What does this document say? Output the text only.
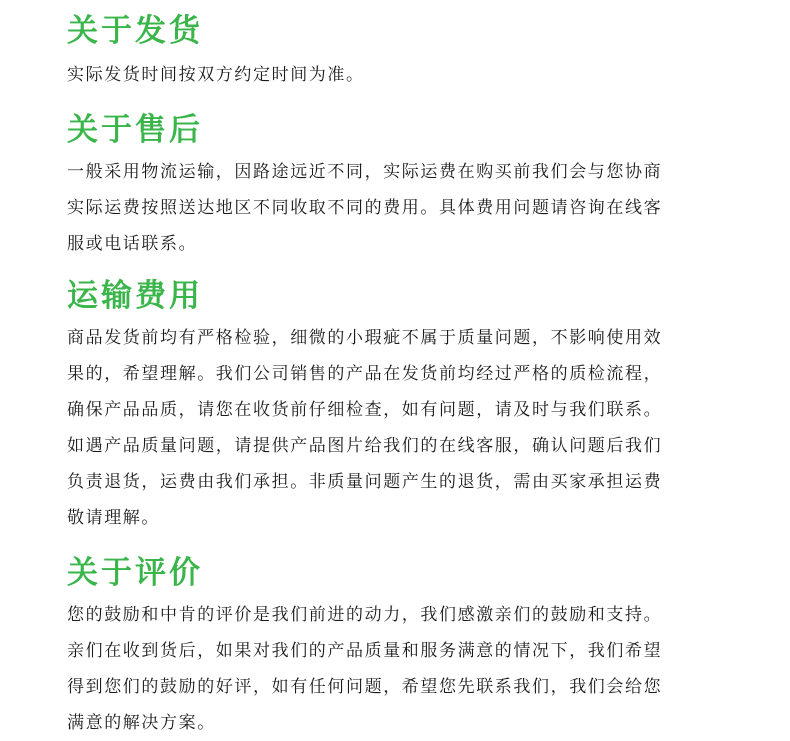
关于发货
实际发货时间按双方约定时间为准。
关于售后
一般采用物流运输，因路途远近不同，实际运费在购买前我们会与您协商
实际运费按照送达地区不同收取不同的费用。具体费用问题请咨询在线客
服或电话联系。
运输费用
商品发货前均有严格检验，细微的小瑕疵不属于质量问题，不影响使用效
果的，希望理解。我们公司销售的产品在发货前均经过严格的质检流程，
确保产品品质，请您在收货前仔细检查，如有问题，请及时与我们联系。
如遇产品质量问题，请提供产品图片给我们的在线客服，确认问题后我们
负责退货，运费由我们承担。非质量问题产生的退货，需由买家承担运费
敬请理解。
关于评价
您的鼓励和中肯的评价是我们前进的动力，我们感激亲们的鼓励和支持。
亲们在收到货后，如果对我们的产品质量和服务满意的情况下，我们希望
得到您们的鼓励的好评，如有任何问题，希望您先联系我们，我们会给您
满意的解决方案。
